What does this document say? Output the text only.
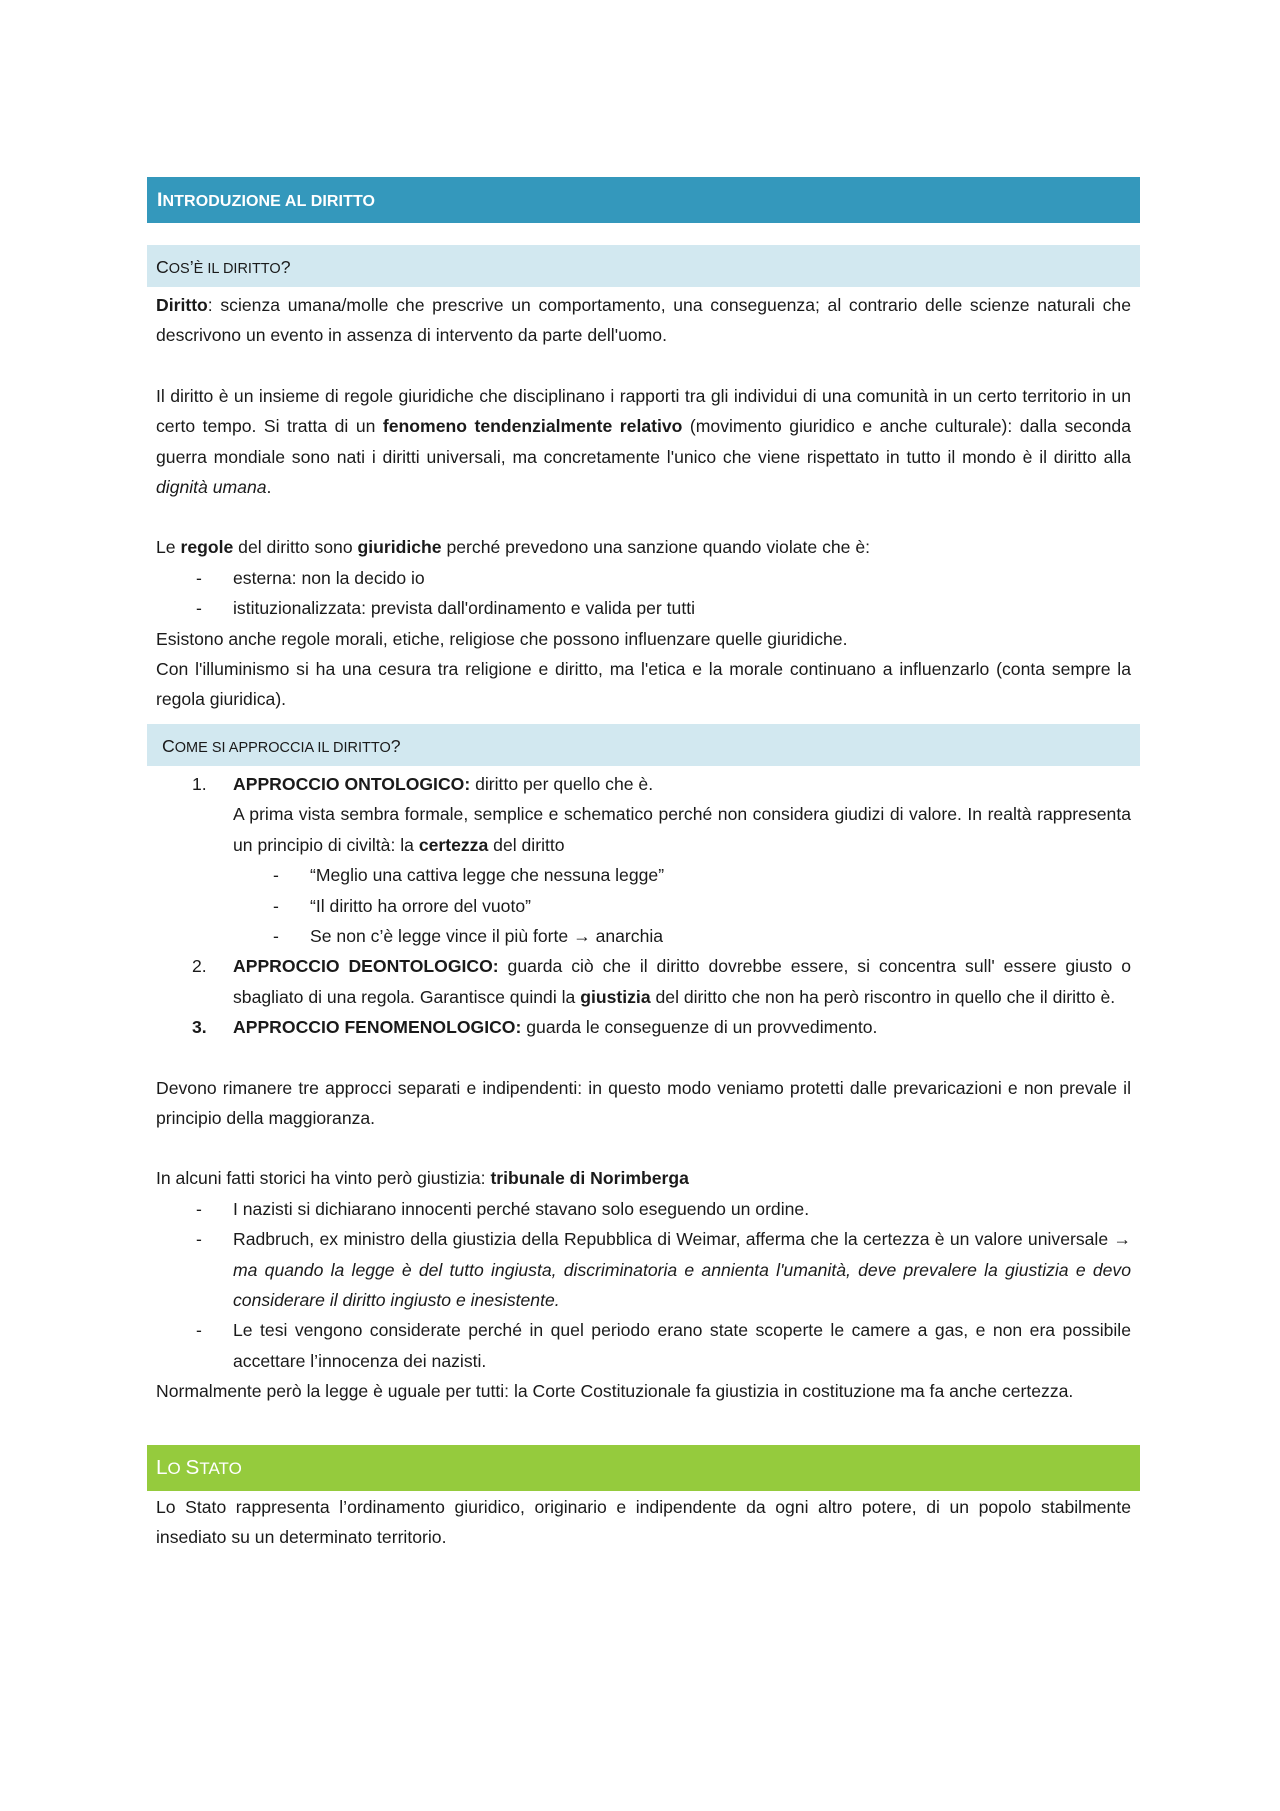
INTRODUZIONE AL DIRITTO
COS’È IL DIRITTO?

Diritto: scienza umana/molle che prescrive un comportamento, una conseguenza; al contrario delle scienze naturali che descrivono un evento in assenza di intervento da parte dell'uomo.

Il diritto è un insieme di regole giuridiche che disciplinano i rapporti tra gli individui di una comunità in un certo territorio in un certo tempo. Si tratta di un fenomeno tendenzialmente relativo (movimento giuridico e anche culturale): dalla seconda guerra mondiale sono nati i diritti universali, ma concretamente l'unico che viene rispettato in tutto il mondo è il diritto alla dignità umana.

Le regole del diritto sono giuridiche perché prevedono una sanzione quando violate che è:

- esterna: non la decido io
- istituzionalizzata: prevista dall'ordinamento e valida per tutti

Esistono anche regole morali, etiche, religiose che possono influenzare quelle giuridiche.

Con l'illuminismo si ha una cesura tra religione e diritto, ma l'etica e la morale continuano a influenzarlo (conta sempre la regola giuridica).

COME SI APPROCCIA IL DIRITTO?
1. APPROCCIO ONTOLOGICO: diritto per quello che è.
A prima vista sembra formale, semplice e schematico perché non considera giudizi di valore. In realtà rappresenta un principio di civiltà: la certezza del diritto
- “Meglio una cattiva legge che nessuna legge”
- “Il diritto ha orrore del vuoto”
- Se non c’è legge vince il più forte → anarchia
2. APPROCCIO DEONTOLOGICO: guarda ciò che il diritto dovrebbe essere, si concentra sull' essere giusto o sbagliato di una regola. Garantisce quindi la giustizia del diritto che non ha però riscontro in quello che il diritto è.
3. APPROCCIO FENOMENOLOGICO: guarda le conseguenze di un provvedimento.

Devono rimanere tre approcci separati e indipendenti: in questo modo veniamo protetti dalle prevaricazioni e non prevale il principio della maggioranza.

In alcuni fatti storici ha vinto però giustizia: tribunale di Norimberga

- I nazisti si dichiarano innocenti perché stavano solo eseguendo un ordine.
- Radbruch, ex ministro della giustizia della Repubblica di Weimar, afferma che la certezza è un valore universale → ma quando la legge è del tutto ingiusta, discriminatoria e annienta l'umanità, deve prevalere la giustizia e devo considerare il diritto ingiusto e inesistente.
- Le tesi vengono considerate perché in quel periodo erano state scoperte le camere a gas, e non era possibile accettare l’innocenza dei nazisti.

Normalmente però la legge è uguale per tutti: la Corte Costituzionale fa giustizia in costituzione ma fa anche certezza.

LO STATO

Lo Stato rappresenta l’ordinamento giuridico, originario e indipendente da ogni altro potere, di un popolo stabilmente insediato su un determinato territorio.
